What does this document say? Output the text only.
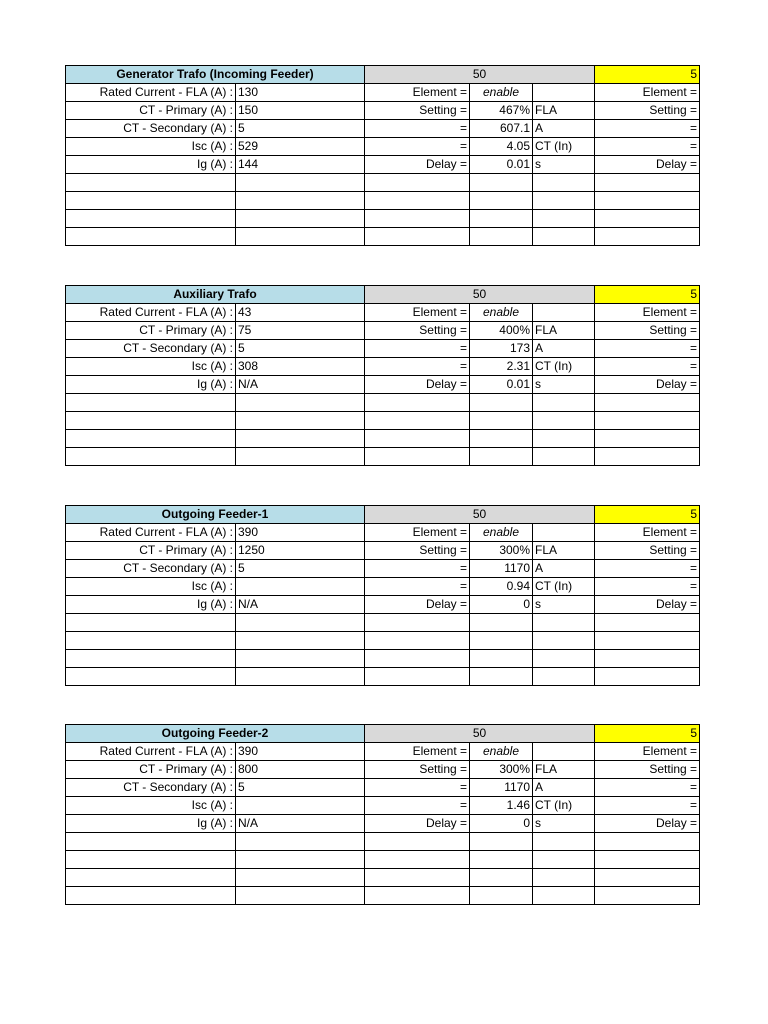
Generator Trafo (Incoming Feeder)		50			5
Rated Current - FLA (A) :	130	Element =	enable		Element =
CT - Primary (A) :	150	Setting =	467%	FLA	Setting =
CT - Secondary (A) :	5	=	607.1	A	=
Isc (A) :	529	=	4.05	CT (In)	=
Ig (A) :	144	Delay =	0.01	s	Delay =

Auxiliary Trafo		50			5
Rated Current - FLA (A) :	43	Element =	enable		Element =
CT - Primary (A) :	75	Setting =	400%	FLA	Setting =
CT - Secondary (A) :	5	=	173	A	=
Isc (A) :	308	=	2.31	CT (In)	=
Ig (A) :	N/A	Delay =	0.01	s	Delay =

Outgoing Feeder-1		50			5
Rated Current - FLA (A) :	390	Element =	enable		Element =
CT - Primary (A) :	1250	Setting =	300%	FLA	Setting =
CT - Secondary (A) :	5	=	1170	A	=
Isc (A) :		=	0.94	CT (In)	=
Ig (A) :	N/A	Delay =	0	s	Delay =

Outgoing Feeder-2		50			5
Rated Current - FLA (A) :	390	Element =	enable		Element =
CT - Primary (A) :	800	Setting =	300%	FLA	Setting =
CT - Secondary (A) :	5	=	1170	A	=
Isc (A) :		=	1.46	CT (In)	=
Ig (A) :	N/A	Delay =	0	s	Delay =
